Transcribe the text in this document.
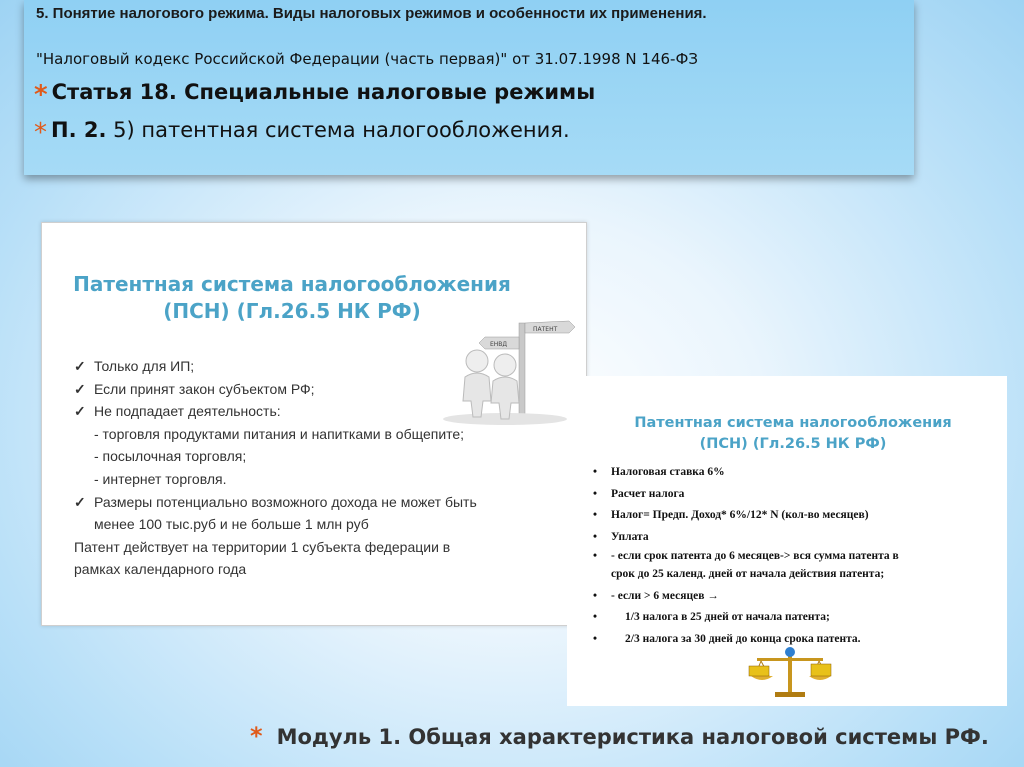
5. Понятие налогового режима. Виды налоговых режимов и особенности их применения.
"Налоговый кодекс Российской Федерации (часть первая)" от 31.07.1998 N 146-ФЗ
* Статья 18. Специальные налоговые режимы
* П. 2. 5) патентная система налогообложения.
Патентная система налогообложения
(ПСН) (Гл.26.5 НК РФ)
✓ Только для ИП;
✓ Если принят закон субъектом РФ;
✓ Не подпадает деятельность:
- торговля продуктами питания и напитками в общепите;
- посылочная торговля;
- интернет торговля.
✓ Размеры потенциально возможного дохода не может быть
менее 100 тыс.руб и не больше 1 млн руб
Патент действует на территории 1 субъекта федерации в
рамках календарного года
ПАТЕНТ
ЕНВД
Патентная система налогообложения
(ПСН) (Гл.26.5 НК РФ)
• Налоговая ставка 6%
• Расчет налога
• Налог= Предп. Доход* 6%/12* N (кол-во месяцев)
• Уплата
• - если срок патента до 6 месяцев-> вся сумма патента в
срок до 25 календ. дней от начала действия патента;
• - если > 6 месяцев →
• 1/3 налога в 25 дней от начала патента;
• 2/3 налога за 30 дней до конца срока патента.
* Модуль 1. Общая характеристика налоговой системы РФ.
